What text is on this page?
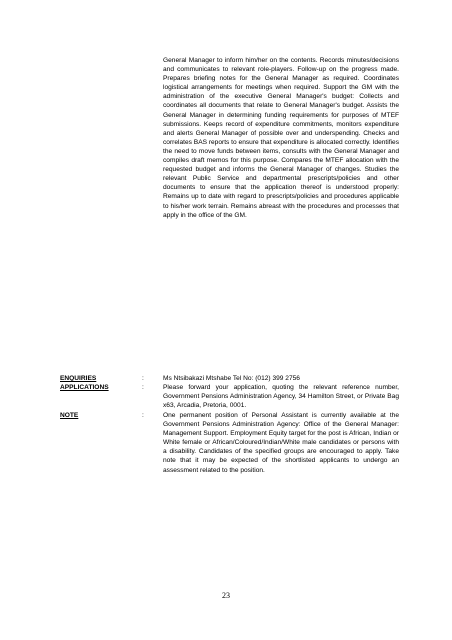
General Manager to inform him/her on the contents. Records minutes/decisions and communicates to relevant role-players. Follow-up on the progress made. Prepares briefing notes for the General Manager as required. Coordinates logistical arrangements for meetings when required. Support the GM with the administration of the executive General Manager's budget: Collects and coordinates all documents that relate to General Manager's budget. Assists the General Manager in determining funding requirements for purposes of MTEF submissions. Keeps record of expenditure commitments, monitors expenditure and alerts General Manager of possible over and underspending. Checks and correlates BAS reports to ensure that expenditure is allocated correctly. Identifies the need to move funds between items, consults with the General Manager and compiles draft memos for this purpose. Compares the MTEF allocation with the requested budget and informs the General Manager of changes. Studies the relevant Public Service and departmental prescripts/policies and other documents to ensure that the application thereof is understood properly: Remains up to date with regard to prescripts/policies and procedures applicable to his/her work terrain. Remains abreast with the procedures and processes that apply in the office of the GM.

ENQUIRIES	:	Ms Ntsibakazi Mtshabe Tel No: (012) 399 2756
APPLICATIONS	:	Please forward your application, quoting the relevant reference number, Government Pensions Administration Agency, 34 Hamilton Street, or Private Bag x63, Arcadia, Pretoria, 0001.
NOTE	:	One permanent position of Personal Assistant is currently available at the Government Pensions Administration Agency: Office of the General Manager: Management Support. Employment Equity target for the post is African, Indian or White female or African/Coloured/Indian/White male candidates or persons with a disability. Candidates of the specified groups are encouraged to apply. Take note that it may be expected of the shortlisted applicants to undergo an assessment related to the position.
23
